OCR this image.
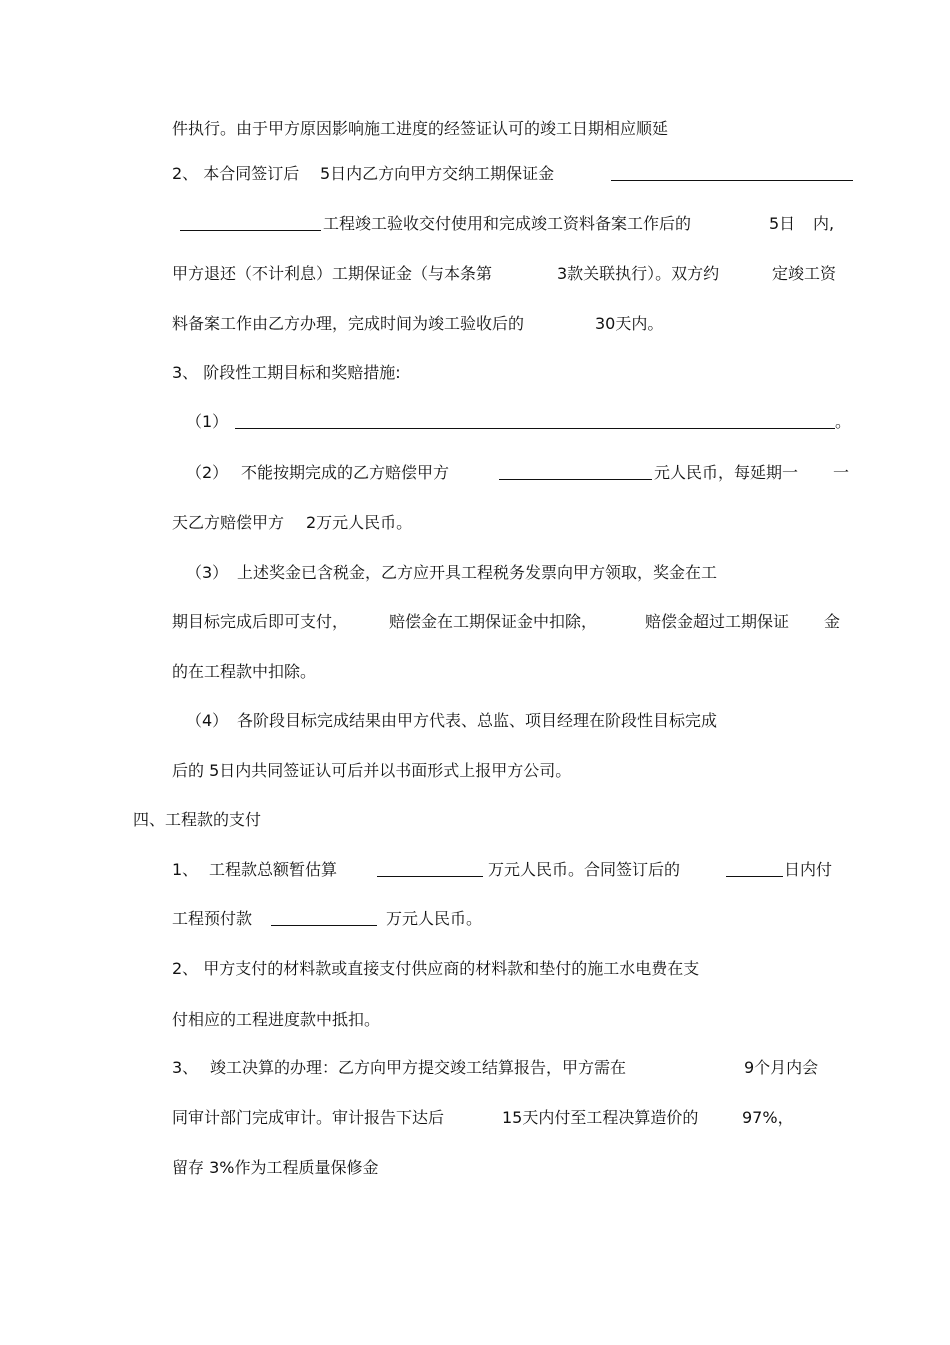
件执行。由于甲方原因影响施工进度的经签证认可的竣工日期相应顺延
2、 本合同签订后 5日内乙方向甲方交纳工期保证金
工程竣工验收交付使用和完成竣工资料备案工作后的	5日 内,
甲方退还（不计利息）工期保证金（与本条第	3款关联执行）。双方约	定竣工资
料备案工作由乙方办理，完成时间为竣工验收后的	30天内。
3、 阶段性工期目标和奖赔措施:
（1）	。
（2） 不能按期完成的乙方赔偿甲方	元人民币，每延期一 一
天乙方赔偿甲方 2万元人民币。
（3） 上述奖金已含税金，乙方应开具工程税务发票向甲方领取，奖金在工
期目标完成后即可支付，	赔偿金在工期保证金中扣除，	赔偿金超过工期保证 金
的在工程款中扣除。
（4） 各阶段目标完成结果由甲方代表、总监、项目经理在阶段性目标完成
后的 5日内共同签证认可后并以书面形式上报甲方公司。
四、工程款的支付
1、 工程款总额暂估算	万元人民币。合同签订后的	日内付
工程预付款	万元人民币。
2、 甲方支付的材料款或直接支付供应商的材料款和垫付的施工水电费在支
付相应的工程进度款中抵扣。
3、 竣工决算的办理：乙方向甲方提交竣工结算报告，甲方需在	9个月内会
同审计部门完成审计。审计报告下达后	15天内付至工程决算造价的	97%，
留存 3%作为工程质量保修金
